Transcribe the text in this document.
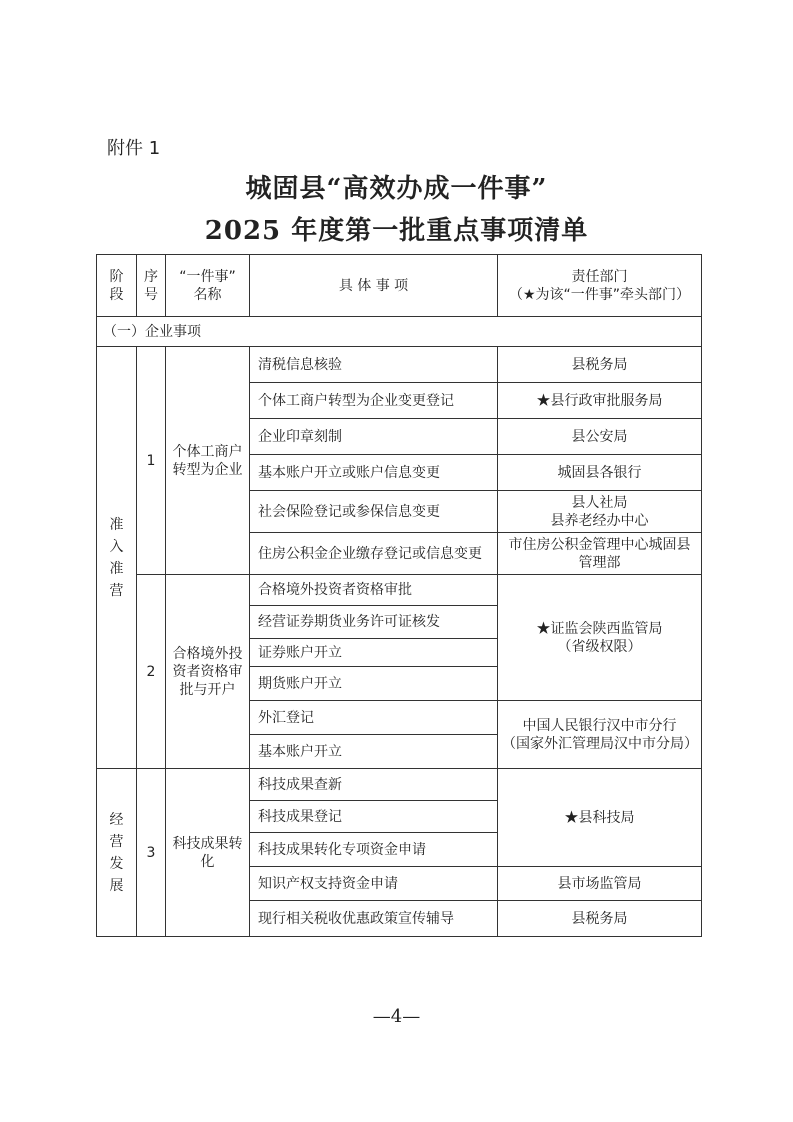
附件 1
城固县“高效办成一件事”
2025 年度第一批重点事项清单
阶
段	序
号	“一件事”
名称	具 体 事 项	责任部门
（★为该“一件事”牵头部门）
（一）企业事项				
准入准营	1	个体工商户转型为企业	清税信息核验	县税务局
			个体工商户转型为企业变更登记	★县行政审批服务局
			企业印章刻制	县公安局
			基本账户开立或账户信息变更	城固县各银行
			社会保险登记或参保信息变更	县人社局
县养老经办中心
			住房公积金企业缴存登记或信息变更	市住房公积金管理中心城固县管理部
	2	合格境外投资者资格审批与开户	合格境外投资者资格审批	★证监会陕西监管局
（省级权限）
			经营证券期货业务许可证核发	
			证券账户开立	
			期货账户开立	
			外汇登记	中国人民银行汉中市分行
（国家外汇管理局汉中市分局）
			基本账户开立	
经营发展	3	科技成果转化	科技成果查新	★县科技局
			科技成果登记	
			科技成果转化专项资金申请	
			知识产权支持资金申请	县市场监管局
			现行相关税收优惠政策宣传辅导	县税务局
—4—
